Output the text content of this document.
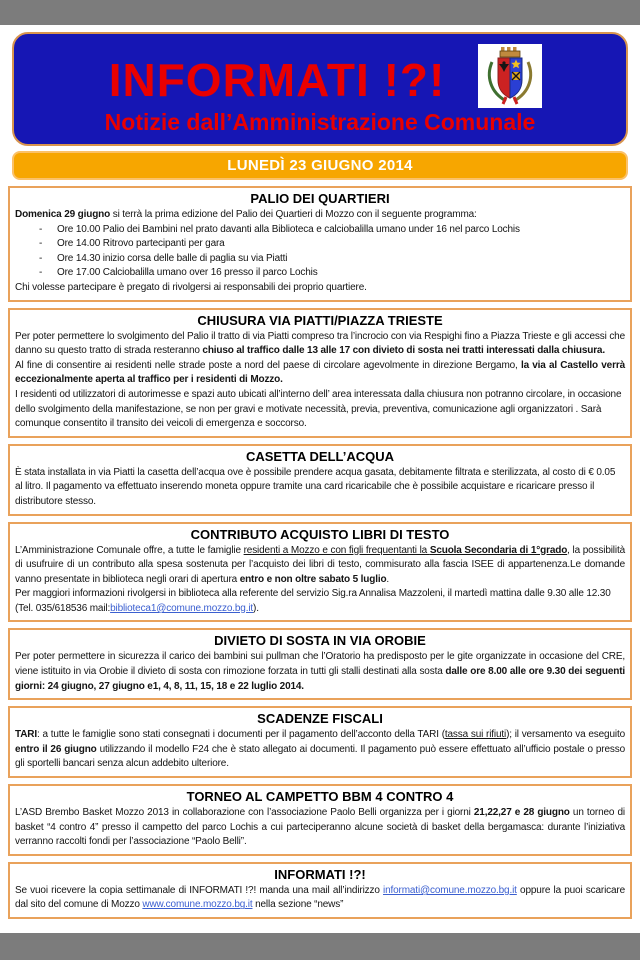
INFORMATI !?!
Notizie dall’Amministrazione Comunale
LUNEDÌ 23 GIUGNO 2014
PALIO DEI QUARTIERI
Domenica 29 giugno si terrà la prima edizione del Palio dei Quartieri di Mozzo con il seguente programma:
- Ore 10.00 Palio dei Bambini nel prato davanti alla Biblioteca e calciobalilla umano under 16 nel parco Lochis
- Ore 14.00 Ritrovo partecipanti per gara
- Ore 14.30 inizio corsa delle balle di paglia su via Piatti
- Ore 17.00 Calciobalilla umano over 16 presso il parco Lochis
Chi volesse partecipare è pregato di rivolgersi ai responsabili dei proprio quartiere.
CHIUSURA VIA PIATTI/PIAZZA TRIESTE
Per poter permettere lo svolgimento del Palio il tratto di via Piatti compreso tra l’incrocio con via Respighi fino a Piazza Trieste e gli accessi che danno su questo tratto di strada resteranno chiuso al traffico dalle 13 alle 17 con divieto di sosta nei tratti interessati dalla chiusura.
Al fine di consentire ai residenti nelle strade poste a nord del paese di circolare agevolmente in direzione Bergamo, la via al Castello verrà eccezionalmente aperta al traffico per i residenti di Mozzo.
I residenti od utilizzatori di autorimesse e spazi auto ubicati all’interno dell’ area interessata dalla chiusura non potranno circolare, in occasione dello svolgimento della manifestazione, se non per gravi e motivate necessità, previa, preventiva, comunicazione agli organizzatori . Sarà comunque consentito il transito dei veicoli di emergenza e soccorso.
CASETTA DELL’ACQUA
È stata installata in via Piatti la casetta dell’acqua ove è possibile prendere acqua gasata, debitamente filtrata e sterilizzata, al costo di € 0.05 al litro. Il pagamento va effettuato inserendo moneta oppure tramite una card ricaricabile che è possibile acquistare e ricaricare presso il distributore stesso.
CONTRIBUTO ACQUISTO LIBRI DI TESTO
L’Amministrazione Comunale offre, a tutte le famiglie residenti a Mozzo e con figli frequentanti la Scuola Secondaria di 1°grado, la possibilità di usufruire di un contributo alla spesa sostenuta per l’acquisto dei libri di testo, commisurato alla fascia ISEE di appartenenza.Le domande vanno presentate in biblioteca negli orari di apertura entro e non oltre sabato 5 luglio.
Per maggiori informazioni rivolgersi in biblioteca alla referente del servizio Sig.ra Annalisa Mazzoleni, il martedì mattina dalle 9.30 alle 12.30 (Tel. 035/618536 mail:biblioteca1@comune.mozzo.bg.it).
DIVIETO DI SOSTA IN VIA OROBIE
Per poter permettere in sicurezza il carico dei bambini sui pullman che l’Oratorio ha predisposto per le gite organizzate in occasione del CRE, viene istituito in via Orobie il divieto di sosta con rimozione forzata in tutti gli stalli destinati alla sosta dalle ore 8.00 alle ore 9.30 dei seguenti giorni: 24 giugno, 27 giugno e1, 4, 8, 11, 15, 18 e 22 luglio 2014.
SCADENZE FISCALI
TARI: a tutte le famiglie sono stati consegnati i documenti per il pagamento dell’acconto della TARI (tassa sui rifiuti); il versamento va eseguito entro il 26 giugno utilizzando il modello F24 che è stato allegato ai documenti. Il pagamento può essere effettuato all’ufficio postale o presso gli sportelli bancari senza alcun addebito ulteriore.
TORNEO AL CAMPETTO BBM 4 CONTRO 4
L’ASD Brembo Basket Mozzo 2013 in collaborazione con l’associazione Paolo Belli organizza per i giorni 21,22,27 e 28 giugno un torneo di basket “4 contro 4” presso il campetto del parco Lochis a cui parteciperanno alcune società di basket della bergamasca: durante l’iniziativa verranno raccolti fondi per l’associazione “Paolo Belli”.
INFORMATI !?!
Se vuoi ricevere la copia settimanale di INFORMATI !?! manda una mail all’indirizzo informati@comune.mozzo.bg.it oppure la puoi scaricare dal sito del comune di Mozzo www.comune.mozzo.bg.it nella sezione “news”
